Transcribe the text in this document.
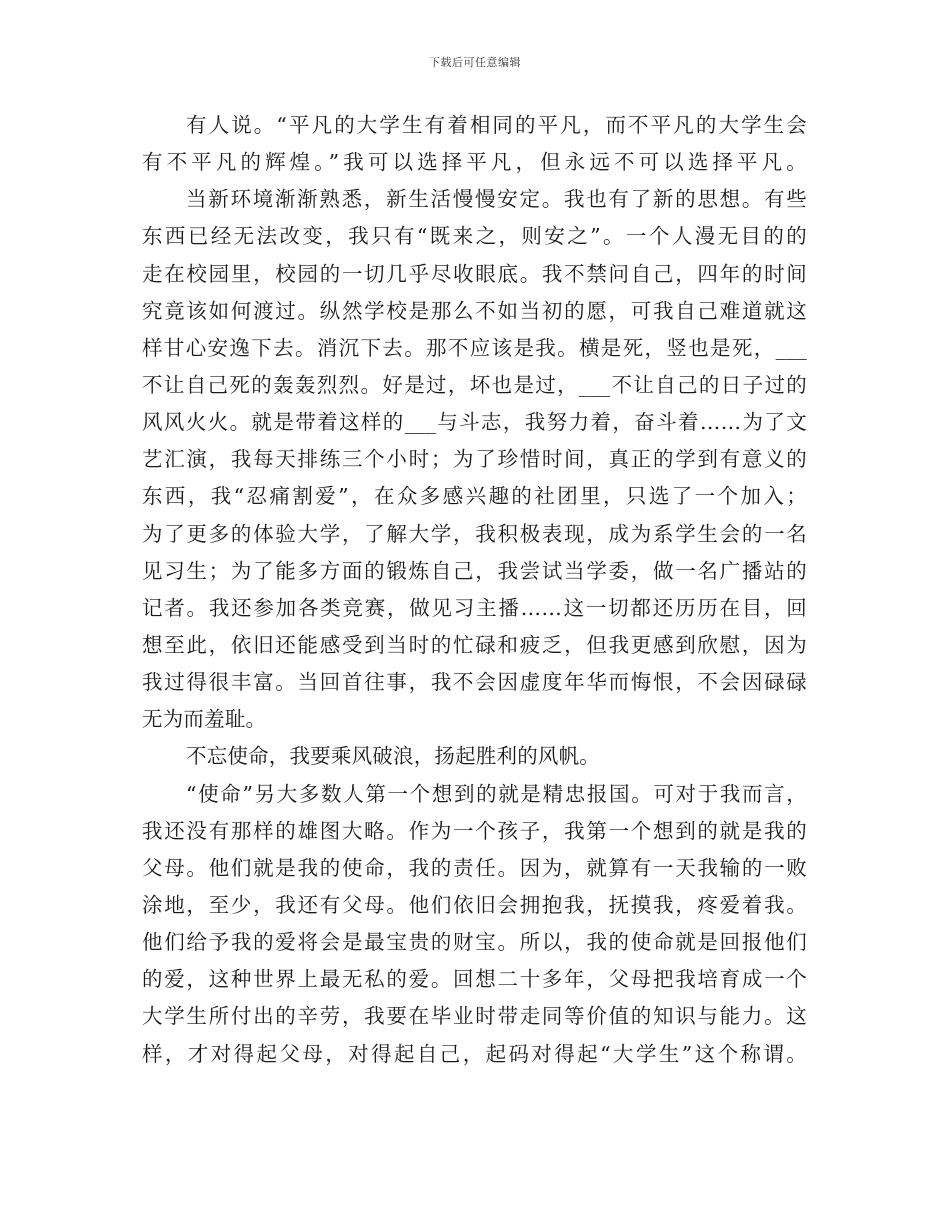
下载后可任意编辑
有人说。“平凡的大学生有着相同的平凡，而不平凡的大学生会
有不平凡的辉煌。”我可以选择平凡，但永远不可以选择平凡。
当新环境渐渐熟悉，新生活慢慢安定。我也有了新的思想。有些
东西已经无法改变，我只有“既来之，则安之”。一个人漫无目的的
走在校园里，校园的一切几乎尽收眼底。我不禁问自己，四年的时间
究竟该如何渡过。纵然学校是那么不如当初的愿，可我自己难道就这
样甘心安逸下去。消沉下去。那不应该是我。横是死，竖也是死，___
不让自己死的轰轰烈烈。好是过，坏也是过，___不让自己的日子过的
风风火火。就是带着这样的___与斗志，我努力着，奋斗着……为了文
艺汇演，我每天排练三个小时；为了珍惜时间，真正的学到有意义的
东西，我“忍痛割爱”，在众多感兴趣的社团里，只选了一个加入；
为了更多的体验大学，了解大学，我积极表现，成为系学生会的一名
见习生；为了能多方面的锻炼自己，我尝试当学委，做一名广播站的
记者。我还参加各类竞赛，做见习主播……这一切都还历历在目，回
想至此，依旧还能感受到当时的忙碌和疲乏，但我更感到欣慰，因为
我过得很丰富。当回首往事，我不会因虚度年华而悔恨，不会因碌碌
无为而羞耻。
不忘使命，我要乘风破浪，扬起胜利的风帆。
“使命”另大多数人第一个想到的就是精忠报国。可对于我而言，
我还没有那样的雄图大略。作为一个孩子，我第一个想到的就是我的
父母。他们就是我的使命，我的责任。因为，就算有一天我输的一败
涂地，至少，我还有父母。他们依旧会拥抱我，抚摸我，疼爱着我。
他们给予我的爱将会是最宝贵的财宝。所以，我的使命就是回报他们
的爱，这种世界上最无私的爱。回想二十多年，父母把我培育成一个
大学生所付出的辛劳，我要在毕业时带走同等价值的知识与能力。这
样，才对得起父母，对得起自己，起码对得起“大学生”这个称谓。
